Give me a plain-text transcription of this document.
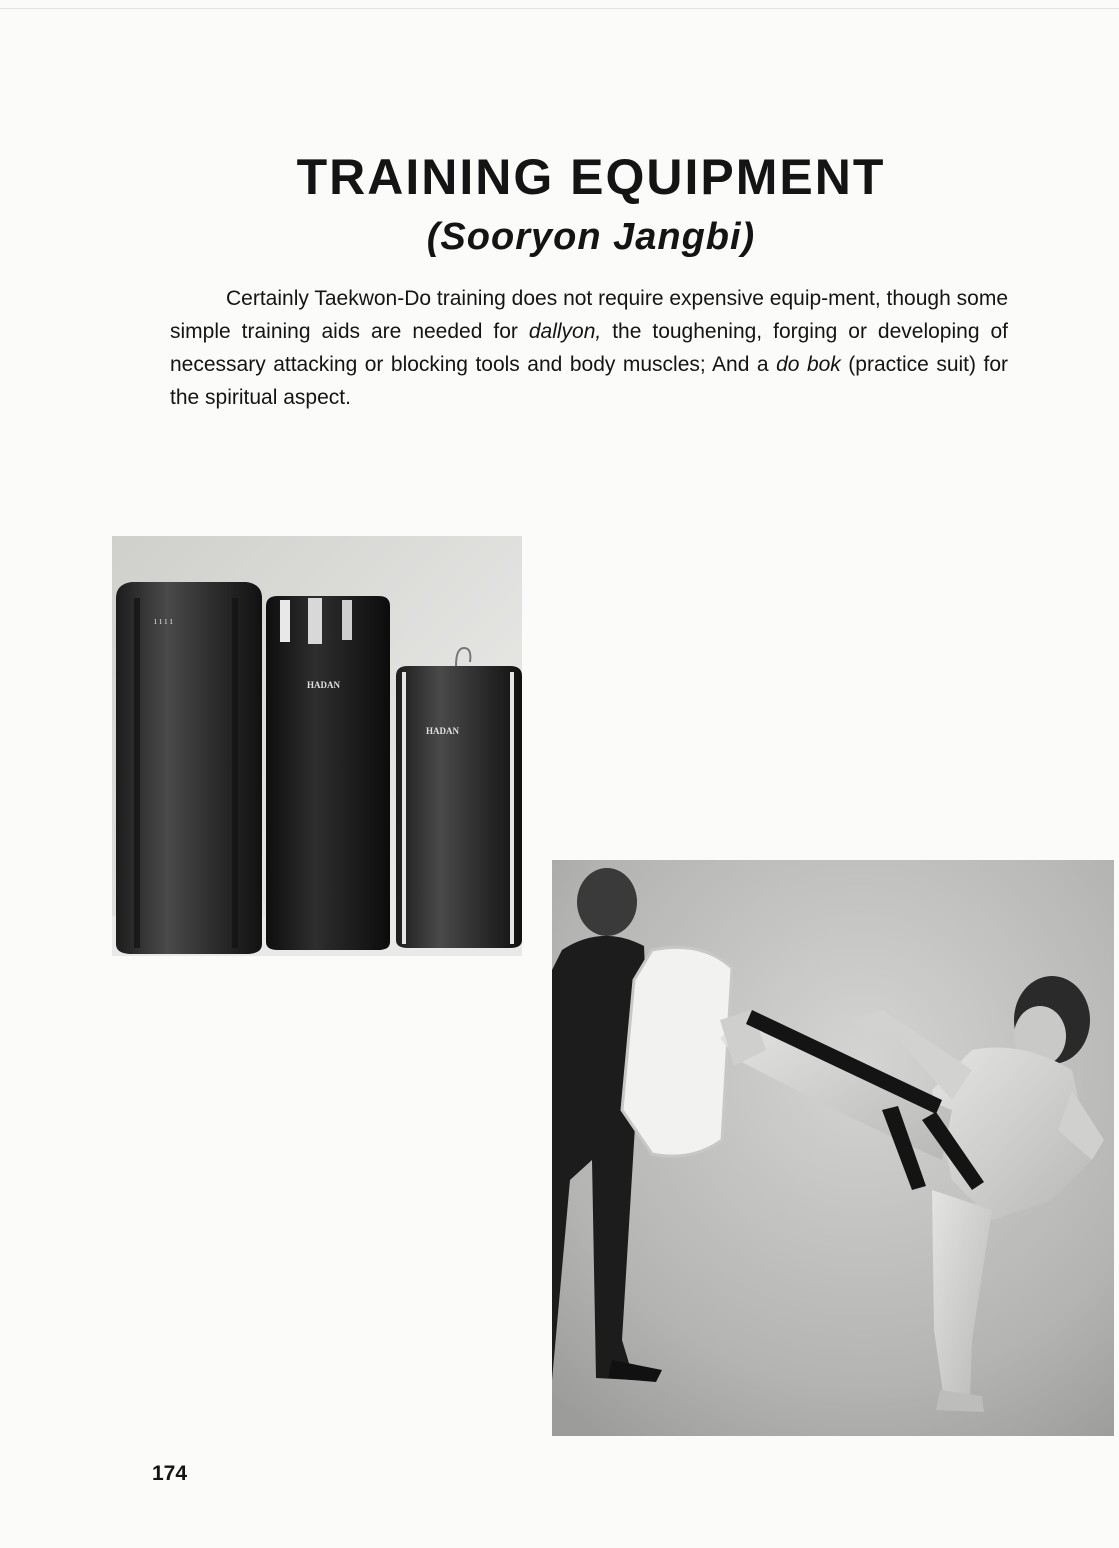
TRAINING EQUIPMENT
(Sooryon Jangbi)

Certainly Taekwon-Do training does not require expensive equip-ment, though some simple training aids are needed for dallyon, the toughening, forging or developing of necessary attacking or blocking tools and body muscles; And a do bok (practice suit) for the spiritual aspect.

ı ı ı ı
HADAN
HADAN

174
